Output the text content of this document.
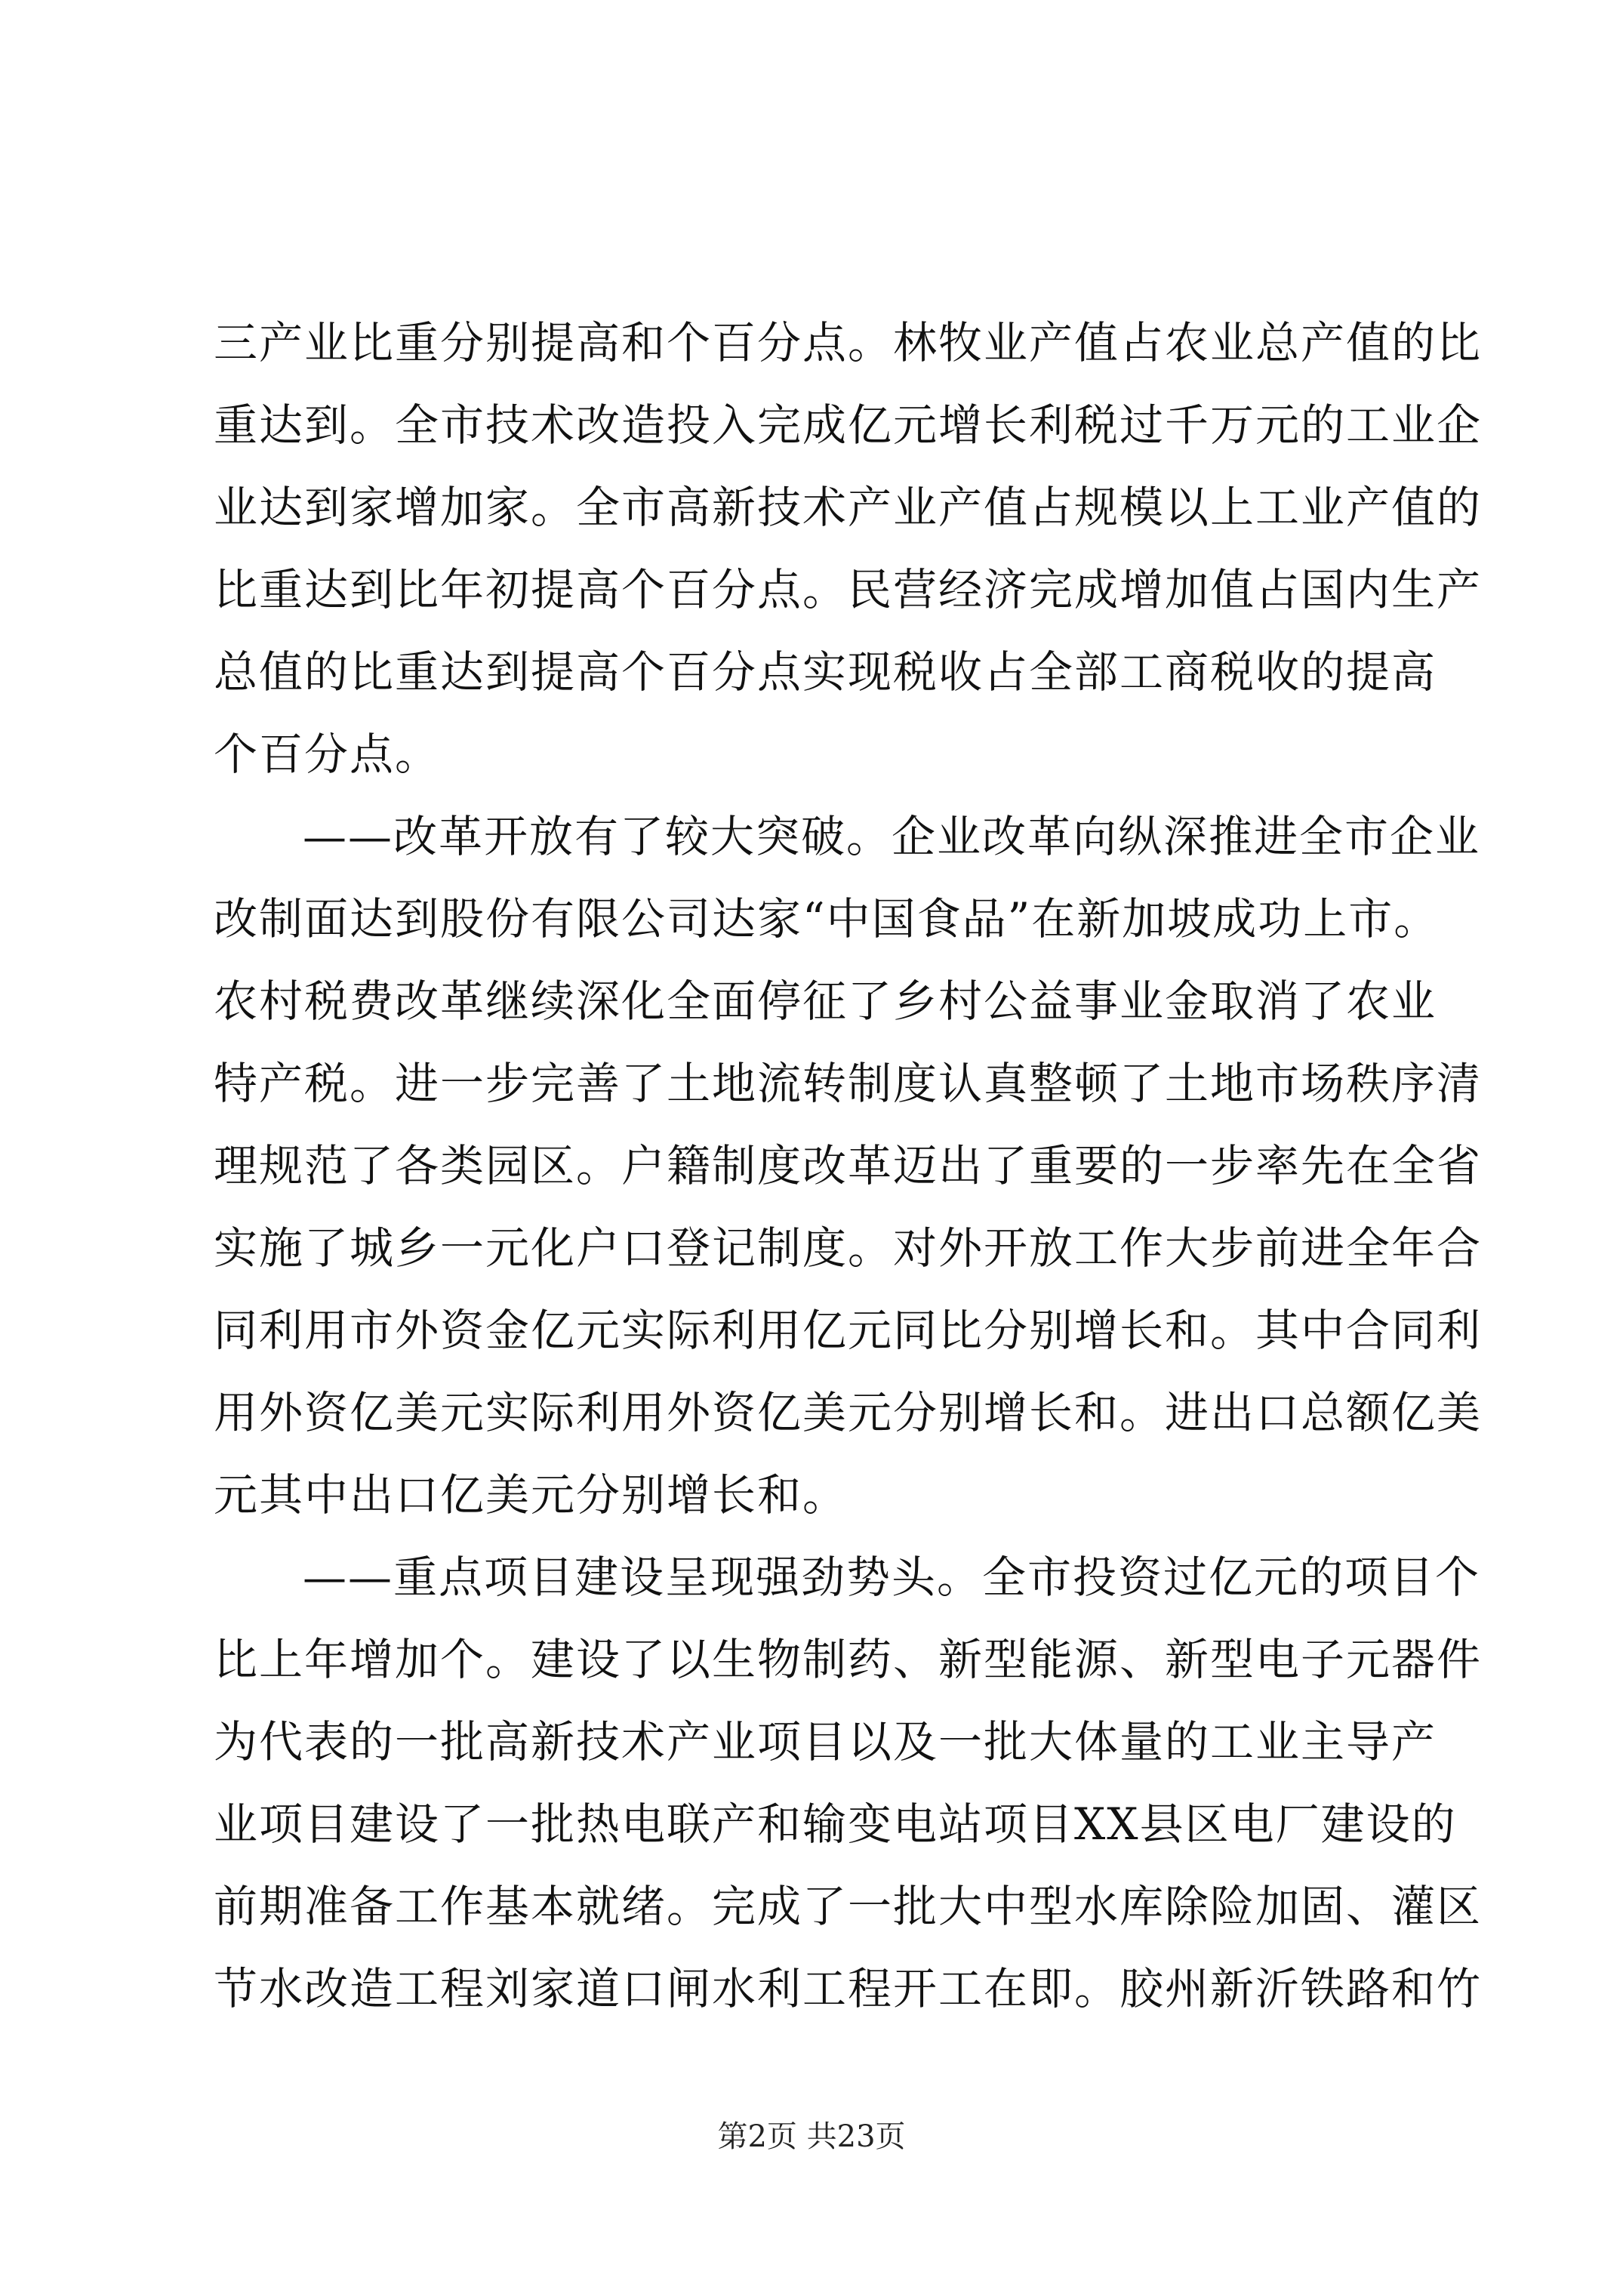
三产业比重分别提高和个百分点。林牧业产值占农业总产值的比
重达到。全市技术改造投入完成亿元增长利税过千万元的工业企
业达到家增加家。全市高新技术产业产值占规模以上工业产值的
比重达到比年初提高个百分点。民营经济完成增加值占国内生产
总值的比重达到提高个百分点实现税收占全部工商税收的提高
个百分点。
——改革开放有了较大突破。企业改革向纵深推进全市企业
改制面达到股份有限公司达家“中国食品”在新加坡成功上市。
农村税费改革继续深化全面停征了乡村公益事业金取消了农业
特产税。进一步完善了土地流转制度认真整顿了土地市场秩序清
理规范了各类园区。户籍制度改革迈出了重要的一步率先在全省
实施了城乡一元化户口登记制度。对外开放工作大步前进全年合
同利用市外资金亿元实际利用亿元同比分别增长和。其中合同利
用外资亿美元实际利用外资亿美元分别增长和。进出口总额亿美
元其中出口亿美元分别增长和。
——重点项目建设呈现强劲势头。全市投资过亿元的项目个
比上年增加个。建设了以生物制药、新型能源、新型电子元器件
为代表的一批高新技术产业项目以及一批大体量的工业主导产
业项目建设了一批热电联产和输变电站项目XX县区电厂建设的
前期准备工作基本就绪。完成了一批大中型水库除险加固、灌区
节水改造工程刘家道口闸水利工程开工在即。胶州新沂铁路和竹
第2页 共23页
